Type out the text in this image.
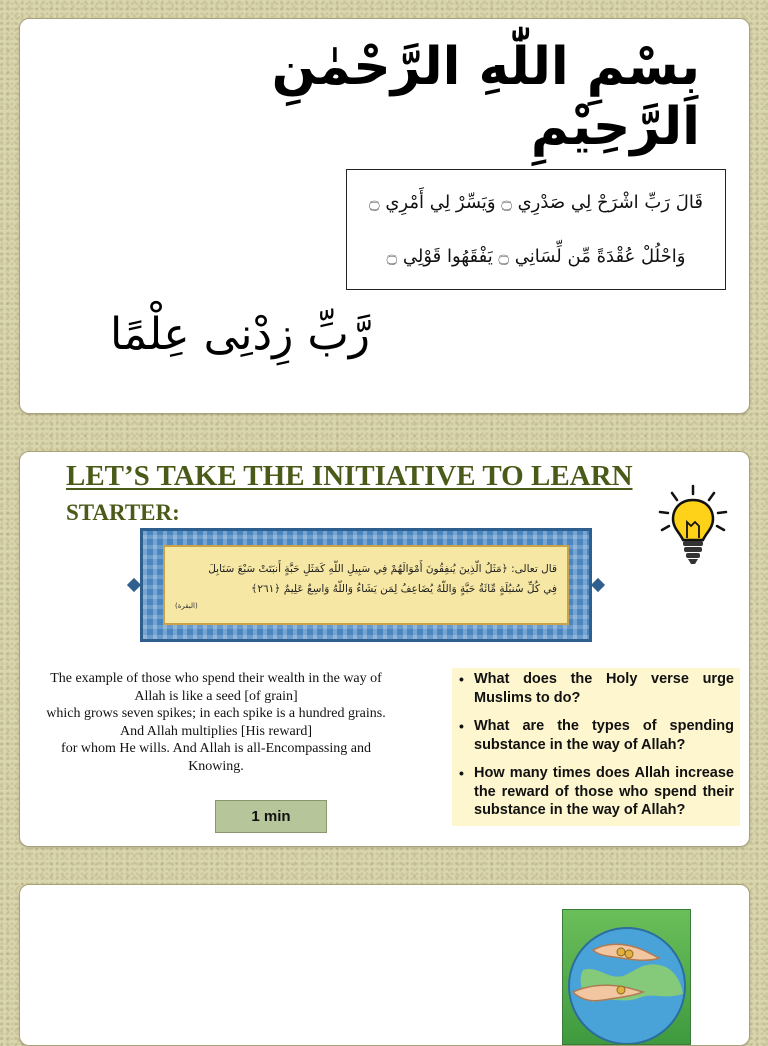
بِسْمِ اللّٰهِ الرَّحْمٰنِ الرَّحِيْمِ
قَالَ رَبِّ اشْرَحْ لِي صَدْرِي ۝ وَيَسِّرْ لِي أَمْرِي ۝
وَاحْلُلْ عُقْدَةً مِّن لِّسَانِي ۝ يَفْقَهُوا قَوْلِي ۝
رَّبِّ زِدْنِى عِلْمًا
LET’S TAKE THE INITIATIVE TO LEARN
STARTER:
قال تعالى: ﴿مَثَلُ الَّذِينَ يُنفِقُونَ أَمْوَالَهُمْ فِي سَبِيلِ اللَّهِ كَمَثَلِ حَبَّةٍ أَنبَتَتْ سَبْعَ سَنَابِلَ
فِي كُلِّ سُنبُلَةٍ مِّائَةُ حَبَّةٍ وَاللَّهُ يُضَاعِفُ لِمَن يَشَاءُ وَاللَّهُ وَاسِعٌ عَلِيمٌ ﴿٢٦١﴾
(البقرة)
The example of those who spend their wealth in the way of Allah is like a seed [of grain]
which grows seven spikes; in each spike is a hundred grains.
And Allah multiplies [His reward]
for whom He wills. And Allah is all-Encompassing and Knowing.
1 min
• What does the Holy verse urge Muslims to do?
• What are the types of spending substance in the way of Allah?
• How many times does Allah increase the reward of those who spend their substance in the way of Allah?
